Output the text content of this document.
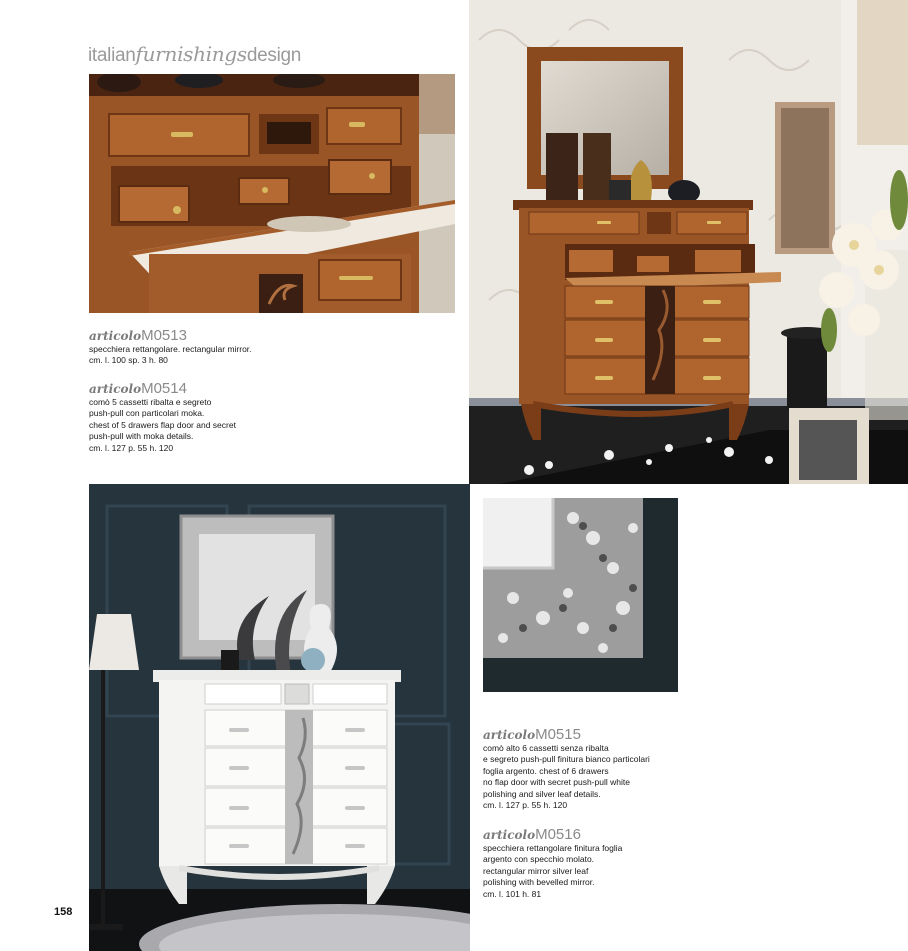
italianfurnishingsdesign
articoloM0513
specchiera rettangolare. rectangular mirror.
cm. l. 100 sp. 3 h. 80
articoloM0514
comò 5 cassetti ribalta e segreto
push-pull con particolari moka.
chest of 5 drawers flap door and secret
push-pull with moka details.
cm. l. 127 p. 55 h. 120
articoloM0515
comò alto 6 cassetti senza ribalta
e segreto push-pull finitura bianco particolari
foglia argento. chest of 6 drawers
no flap door with secret push-pull white
polishing and silver leaf details.
cm. l. 127 p. 55 h. 120
articoloM0516
specchiera rettangolare finitura foglia
argento con specchio molato.
rectangular mirror silver leaf
polishing with bevelled mirror.
cm. l. 101 h. 81
158
